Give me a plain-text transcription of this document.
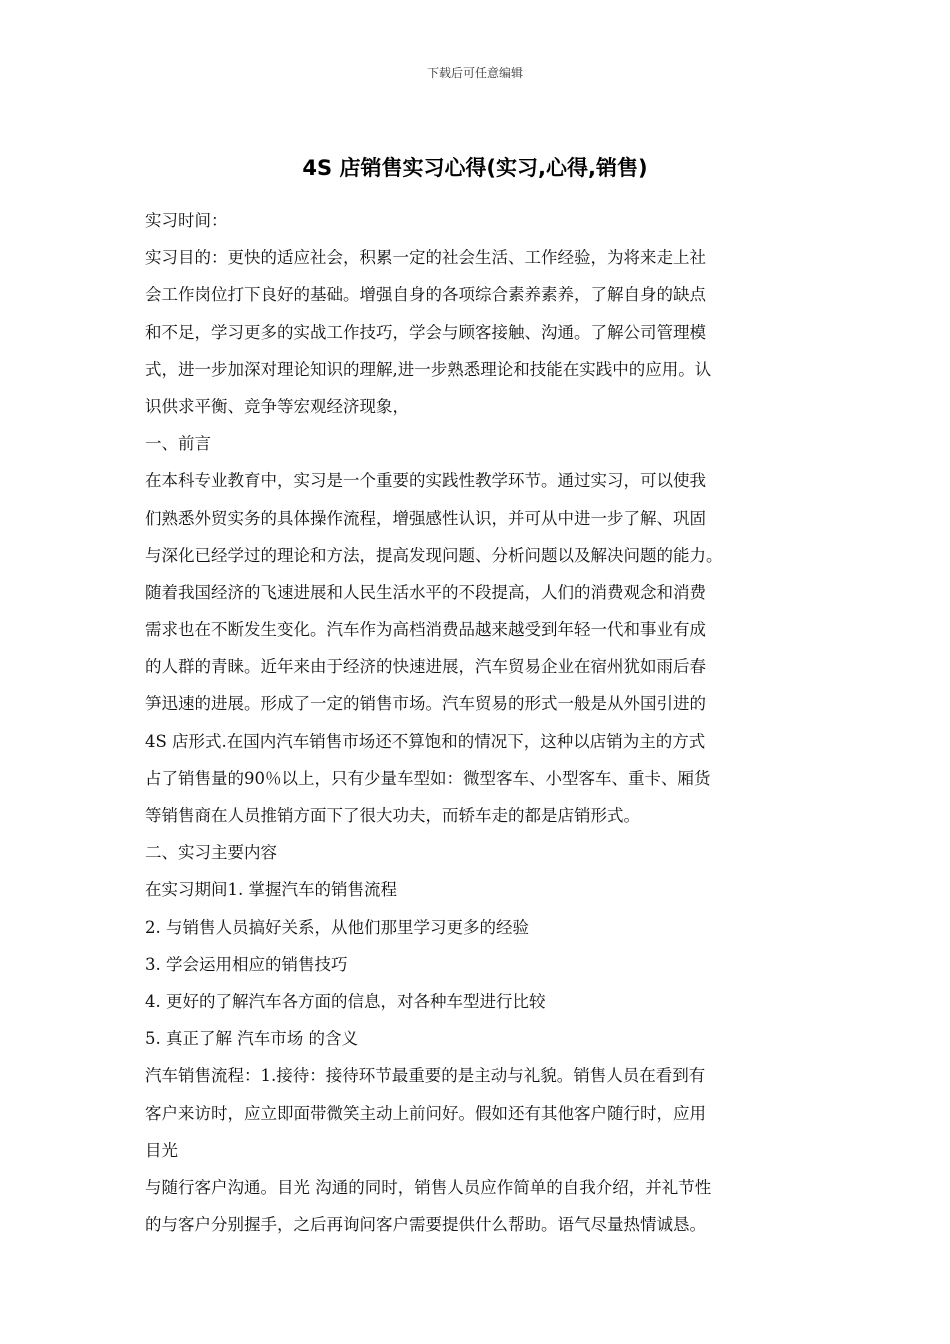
下载后可任意编辑
4S 店销售实习心得(实习,心得,销售)
实习时间：
实习目的：更快的适应社会，积累一定的社会生活、工作经验，为将来走上社
会工作岗位打下良好的基础。增强自身的各项综合素养素养，了解自身的缺点
和不足，学习更多的实战工作技巧，学会与顾客接触、沟通。了解公司管理模
式，进一步加深对理论知识的理解,进一步熟悉理论和技能在实践中的应用。认
识供求平衡、竞争等宏观经济现象，
一、前言
在本科专业教育中，实习是一个重要的实践性教学环节。通过实习，可以使我
们熟悉外贸实务的具体操作流程，增强感性认识，并可从中进一步了解、巩固
与深化已经学过的理论和方法，提高发现问题、分析问题以及解决问题的能力。
随着我国经济的飞速进展和人民生活水平的不段提高，人们的消费观念和消费
需求也在不断发生变化。汽车作为高档消费品越来越受到年轻一代和事业有成
的人群的青睐。近年来由于经济的快速进展，汽车贸易企业在宿州犹如雨后春
笋迅速的进展。形成了一定的销售市场。汽车贸易的形式一般是从外国引进的
4S 店形式.在国内汽车销售市场还不算饱和的情况下，这种以店销为主的方式
占了销售量的90％以上，只有少量车型如：微型客车、小型客车、重卡、厢货
等销售商在人员推销方面下了很大功夫，而轿车走的都是店销形式。
二、实习主要内容
在实习期间1. 掌握汽车的销售流程
2. 与销售人员搞好关系，从他们那里学习更多的经验
3. 学会运用相应的销售技巧
4. 更好的了解汽车各方面的信息，对各种车型进行比较
5. 真正了解 汽车市场 的含义
汽车销售流程：1.接待：接待环节最重要的是主动与礼貌。销售人员在看到有
客户来访时，应立即面带微笑主动上前问好。假如还有其他客户随行时，应用
目光
与随行客户沟通。目光 沟通的同时，销售人员应作简单的自我介绍，并礼节性
的与客户分别握手，之后再询问客户需要提供什么帮助。语气尽量热情诚恳。
